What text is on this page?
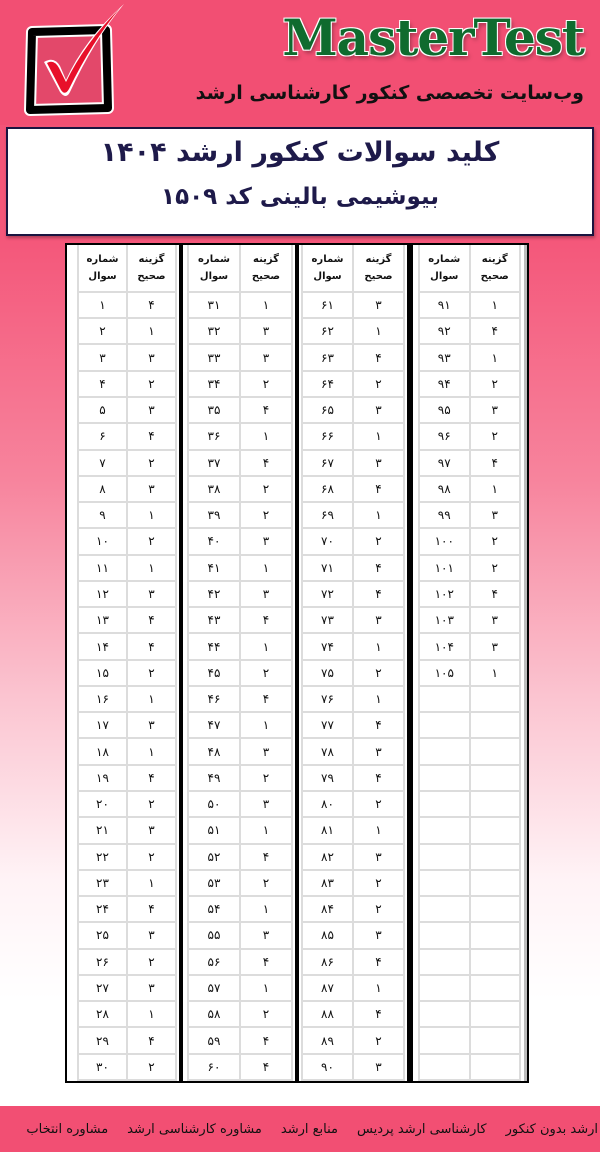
MasterTest
وب‌سایت تخصصی کنکور کارشناسی ارشد
کلید سوالات کنکور ارشد ۱۴۰۴
بیوشیمی بالینی کد ۱۵۰۹
شماره
سوال
گزینه
صحیح
۱	۴
۲	۱
۳	۳
۴	۲
۵	۳
۶	۴
۷	۲
۸	۳
۹	۱
۱۰	۲
۱۱	۱
۱۲	۳
۱۳	۴
۱۴	۴
۱۵	۲
۱۶	۱
۱۷	۳
۱۸	۱
۱۹	۴
۲۰	۲
۲۱	۳
۲۲	۲
۲۳	۱
۲۴	۴
۲۵	۳
۲۶	۲
۲۷	۳
۲۸	۱
۲۹	۴
۳۰	۲
شماره
سوال
گزینه
صحیح
۳۱	۱
۳۲	۳
۳۳	۳
۳۴	۲
۳۵	۴
۳۶	۱
۳۷	۴
۳۸	۲
۳۹	۲
۴۰	۳
۴۱	۱
۴۲	۳
۴۳	۴
۴۴	۱
۴۵	۲
۴۶	۴
۴۷	۱
۴۸	۳
۴۹	۲
۵۰	۳
۵۱	۱
۵۲	۴
۵۳	۲
۵۴	۱
۵۵	۳
۵۶	۴
۵۷	۱
۵۸	۲
۵۹	۴
۶۰	۴
شماره
سوال
گزینه
صحیح
۶۱	۳
۶۲	۱
۶۳	۴
۶۴	۲
۶۵	۳
۶۶	۱
۶۷	۳
۶۸	۴
۶۹	۱
۷۰	۲
۷۱	۴
۷۲	۴
۷۳	۳
۷۴	۱
۷۵	۲
۷۶	۱
۷۷	۴
۷۸	۳
۷۹	۴
۸۰	۲
۸۱	۱
۸۲	۳
۸۳	۲
۸۴	۲
۸۵	۳
۸۶	۴
۸۷	۱
۸۸	۴
۸۹	۲
۹۰	۳
شماره
سوال
گزینه
صحیح
۹۱	۱
۹۲	۴
۹۳	۱
۹۴	۲
۹۵	۳
۹۶	۲
۹۷	۴
۹۸	۱
۹۹	۳
۱۰۰	۲
۱۰۱	۲
۱۰۲	۴
۱۰۳	۳
۱۰۴	۳
۱۰۵	۱
ارشد بدون کنکور
کارشناسی ارشد پردیس
منابع ارشد
مشاوره کارشناسی ارشد
مشاوره انتخاب
